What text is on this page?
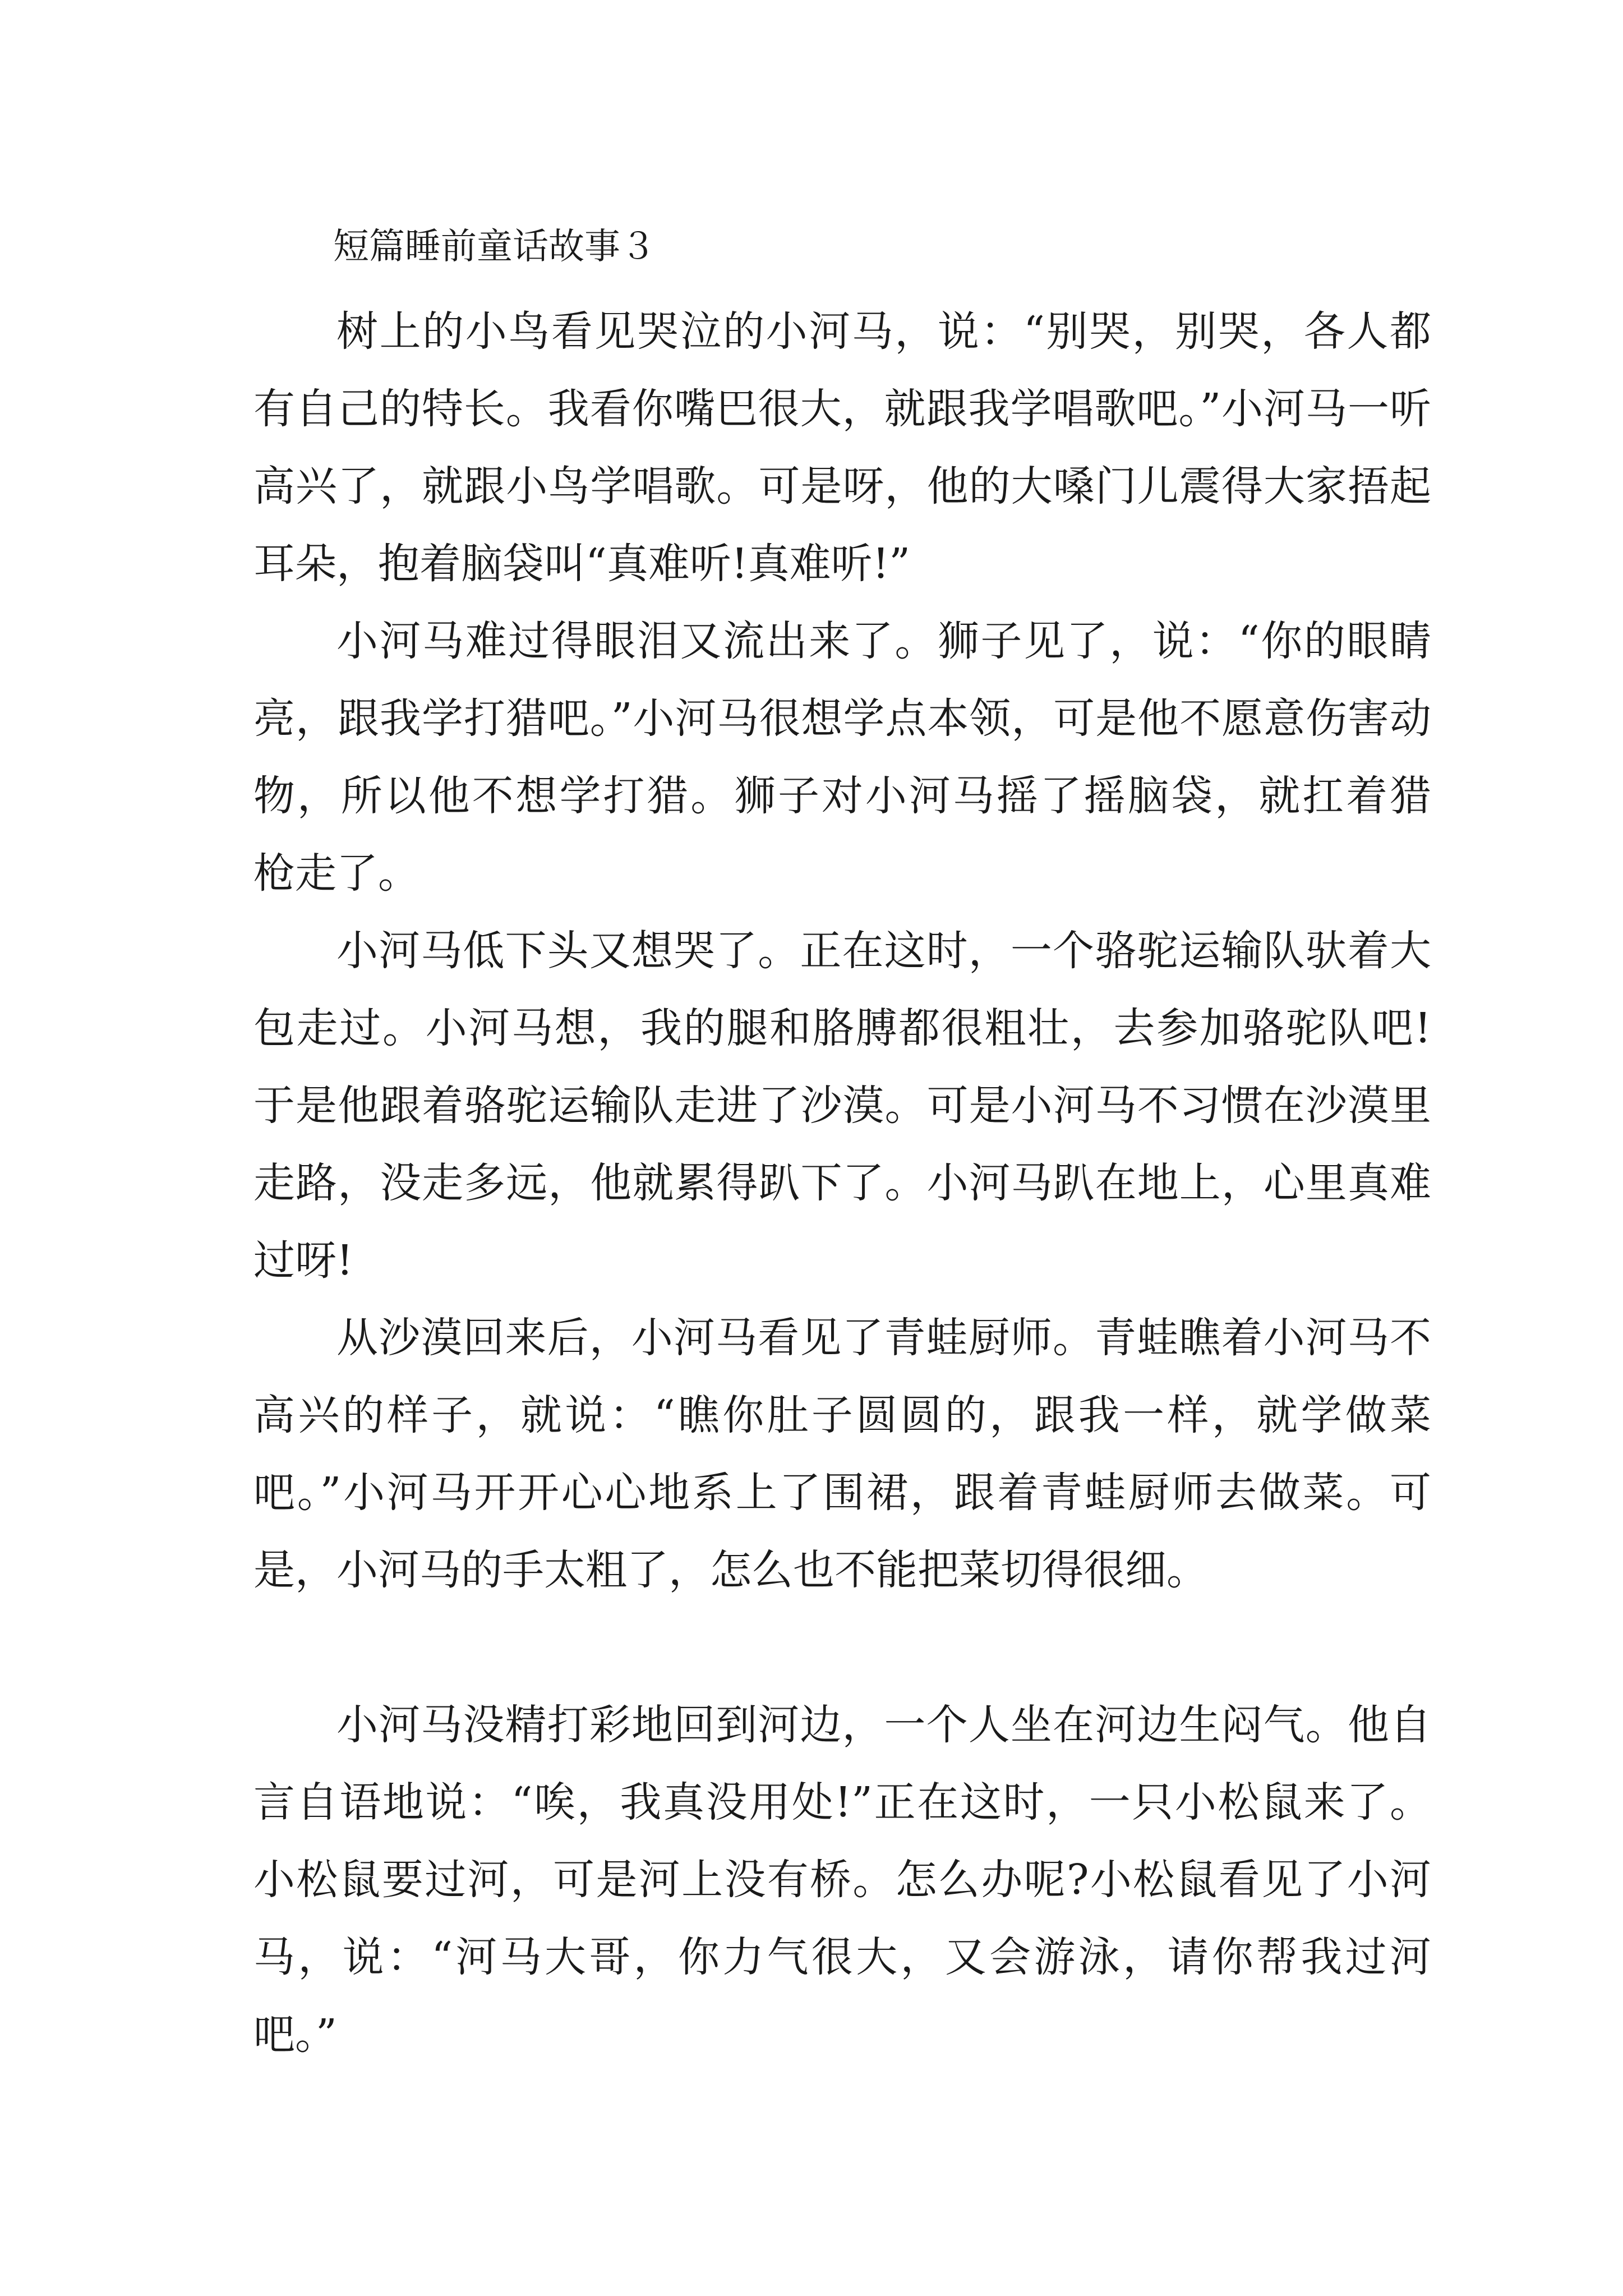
短篇睡前童话故事３

树上的小鸟看见哭泣的小河马，说：“别哭，别哭，各人都有自己的特长。我看你嘴巴很大，就跟我学唱歌吧。”小河马一听高兴了，就跟小鸟学唱歌。可是呀，他的大嗓门儿震得大家捂起耳朵，抱着脑袋叫“真难听!真难听!”

小河马难过得眼泪又流出来了。狮子见了，说：“你的眼睛亮，跟我学打猎吧。”小河马很想学点本领，可是他不愿意伤害动物，所以他不想学打猎。狮子对小河马摇了摇脑袋，就扛着猎　枪走了。

小河马低下头又想哭了。正在这时，一个骆驼运输队驮着大包走过。小河马想，我的腿和胳膊都很粗壮，去参加骆驼队吧!于是他跟着骆驼运输队走进了沙漠。可是小河马不习惯在沙漠里走路，没走多远，他就累得趴下了。小河马趴在地上，心里真难过呀!

从沙漠回来后，小河马看见了青蛙厨师。青蛙瞧着小河马不高兴的样子，就说：“瞧你肚子圆圆的，跟我一样，就学做菜吧。”小河马开开心心地系上了围裙，跟着青蛙厨师去做菜。可是，小河马的手太粗了，怎么也不能把菜切得很细。

小河马没精打彩地回到河边，一个人坐在河边生闷气。他自言自语地说：“唉，我真没用处!”正在这时，一只小松鼠来了。小松鼠要过河，可是河上没有桥。怎么办呢?小松鼠看见了小河马，说：“河马大哥，你力气很大，又会游泳，请你帮我过河吧。”
